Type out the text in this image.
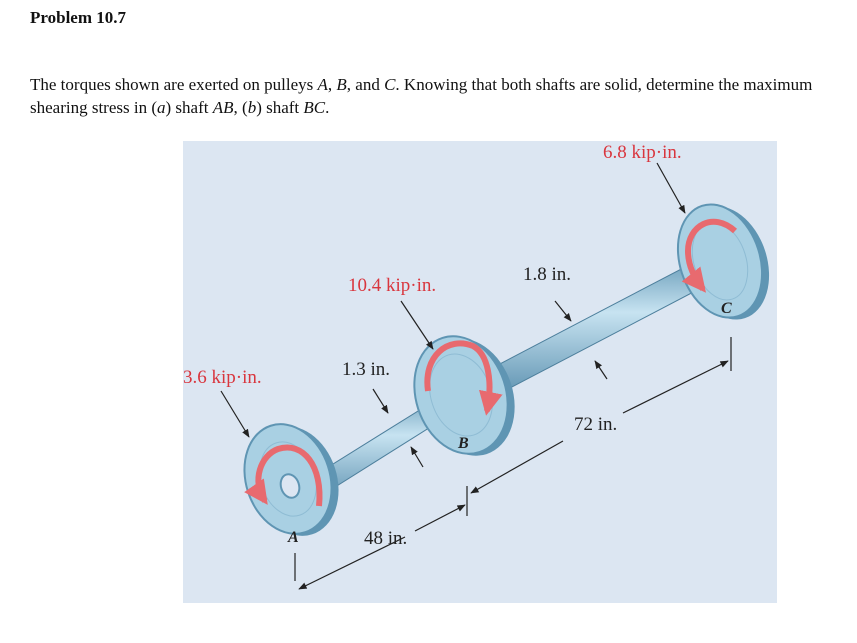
Problem 10.7
The torques shown are exerted on pulleys A, B, and C. Knowing that both shafts are solid, determine the maximum shearing stress in (a) shaft AB, (b) shaft BC.
6.8 kip·in.
10.4 kip·in.
3.6 kip·in.
1.8 in.
1.3 in.
72 in.
48 in.
A
B
C
